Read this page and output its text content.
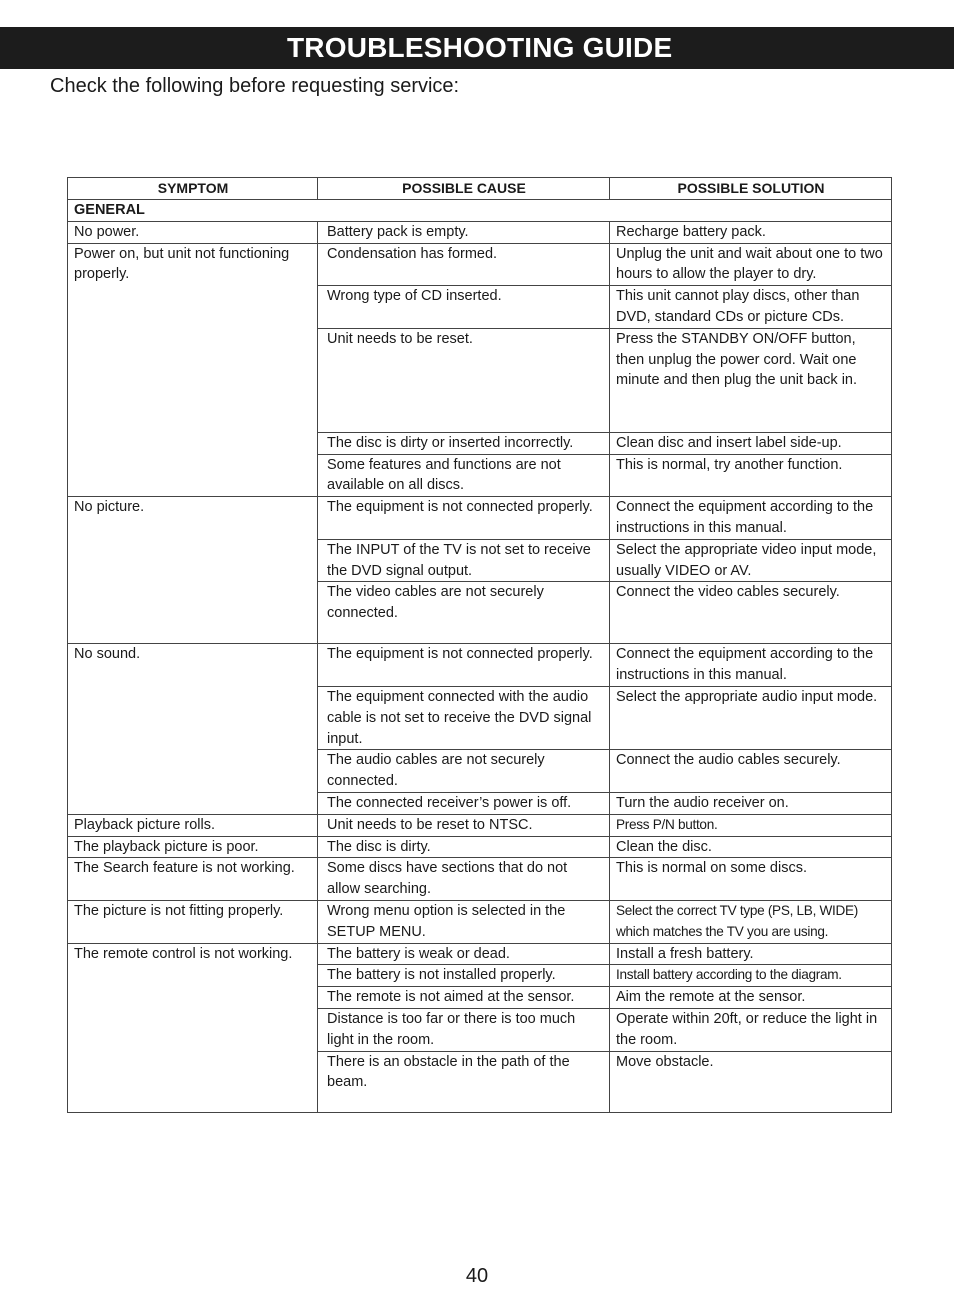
TROUBLESHOOTING GUIDE
Check the following before requesting service:
SYMPTOM	POSSIBLE CAUSE	POSSIBLE SOLUTION
GENERAL		
No power.	Battery pack is empty.	Recharge battery pack.
Power on, but unit not functioning properly.	Condensation has formed.	Unplug the unit and wait about one to two hours to allow the player to dry.
	Wrong type of CD inserted.	This unit cannot play discs, other than DVD, standard CDs or picture CDs.
	Unit needs to be reset.	Press the STANDBY ON/OFF button, then unplug the power cord. Wait one minute and then plug the unit back in.
	The disc is dirty or inserted incorrectly.	Clean disc and insert label side-up.
	Some features and functions are not available on all discs.	This is normal, try another function.
No picture.	The equipment is not connected properly.	Connect the equipment according to the instructions in this manual.
	The INPUT of the TV is not set to receive the DVD signal output.	Select the appropriate video input mode, usually VIDEO or AV.
	The video cables are not securely connected.	Connect the video cables securely.
No sound.	The equipment is not connected properly.	Connect the equipment according to the instructions in this manual.
	The equipment connected with the audio cable is not set to receive the DVD signal input.	Select the appropriate audio input mode.
	The audio cables are not securely connected.	Connect the audio cables securely.
	The connected receiver’s power is off.	Turn the audio receiver on.
Playback picture rolls.	Unit needs to be reset to NTSC.	Press P/N button.
The playback picture is poor.	The disc is dirty.	Clean the disc.
The Search feature is not working.	Some discs have sections that do not allow searching.	This is normal on some discs.
The picture is not fitting properly.	Wrong menu option is selected in the SETUP MENU.	Select the correct TV type (PS, LB, WIDE) which matches the TV you are using.
The remote control is not working.	The battery is weak or dead.	Install a fresh battery.
	The battery is not installed properly.	Install battery according to the diagram.
	The remote is not aimed at the sensor.	Aim the remote at the sensor.
	Distance is too far or there is too much light in the room.	Operate within 20ft, or reduce the light in the room.
	There is an obstacle in the path of the beam.	Move obstacle.
40
